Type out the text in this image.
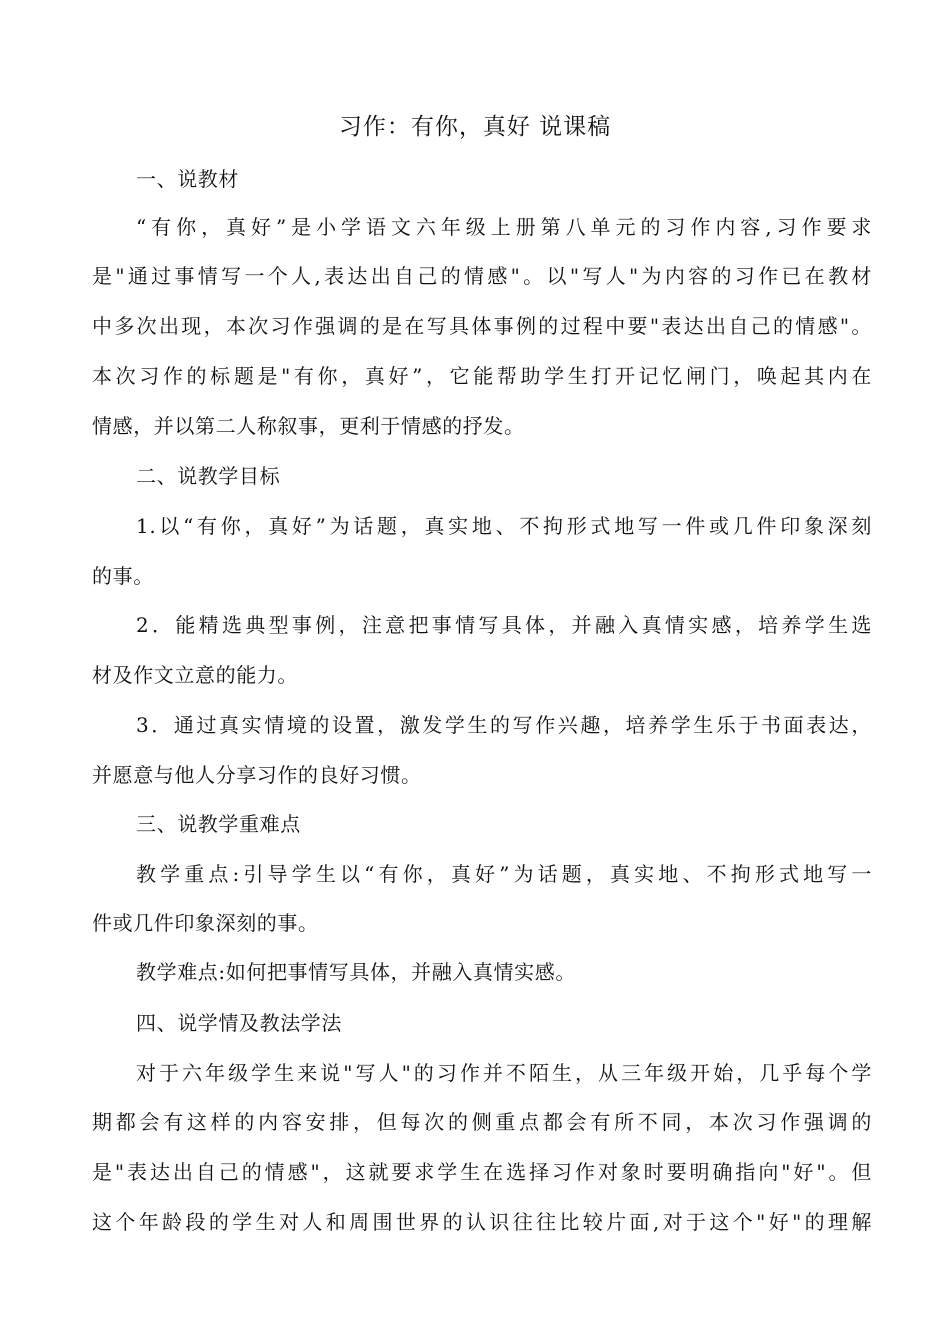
习作：有你，真好 说课稿
一、说教材
“有你，真好”是小学语文六年级上册第八单元的习作内容,习作要求
是"通过事情写一个人,表达出自己的情感"。以"写人"为内容的习作已在教材
中多次出现，本次习作强调的是在写具体事例的过程中要"表达出自己的情感"。
本次习作的标题是"有你，真好”，它能帮助学生打开记忆闸门，唤起其内在
情感，并以第二人称叙事，更利于情感的抒发。
二、说教学目标
1.以“有你，真好”为话题，真实地、不拘形式地写一件或几件印象深刻
的事。
2．能精选典型事例，注意把事情写具体，并融入真情实感，培养学生选
材及作文立意的能力。
3．通过真实情境的设置，激发学生的写作兴趣，培养学生乐于书面表达，
并愿意与他人分享习作的良好习惯。
三、说教学重难点
教学重点:引导学生以“有你，真好”为话题，真实地、不拘形式地写一
件或几件印象深刻的事。
教学难点:如何把事情写具体，并融入真情实感。
四、说学情及教法学法
对于六年级学生来说"写人"的习作并不陌生，从三年级开始，几乎每个学
期都会有这样的内容安排，但每次的侧重点都会有所不同，本次习作强调的
是"表达出自己的情感"，这就要求学生在选择习作对象时要明确指向"好"。但
这个年龄段的学生对人和周围世界的认识往往比较片面,对于这个"好"的理解
